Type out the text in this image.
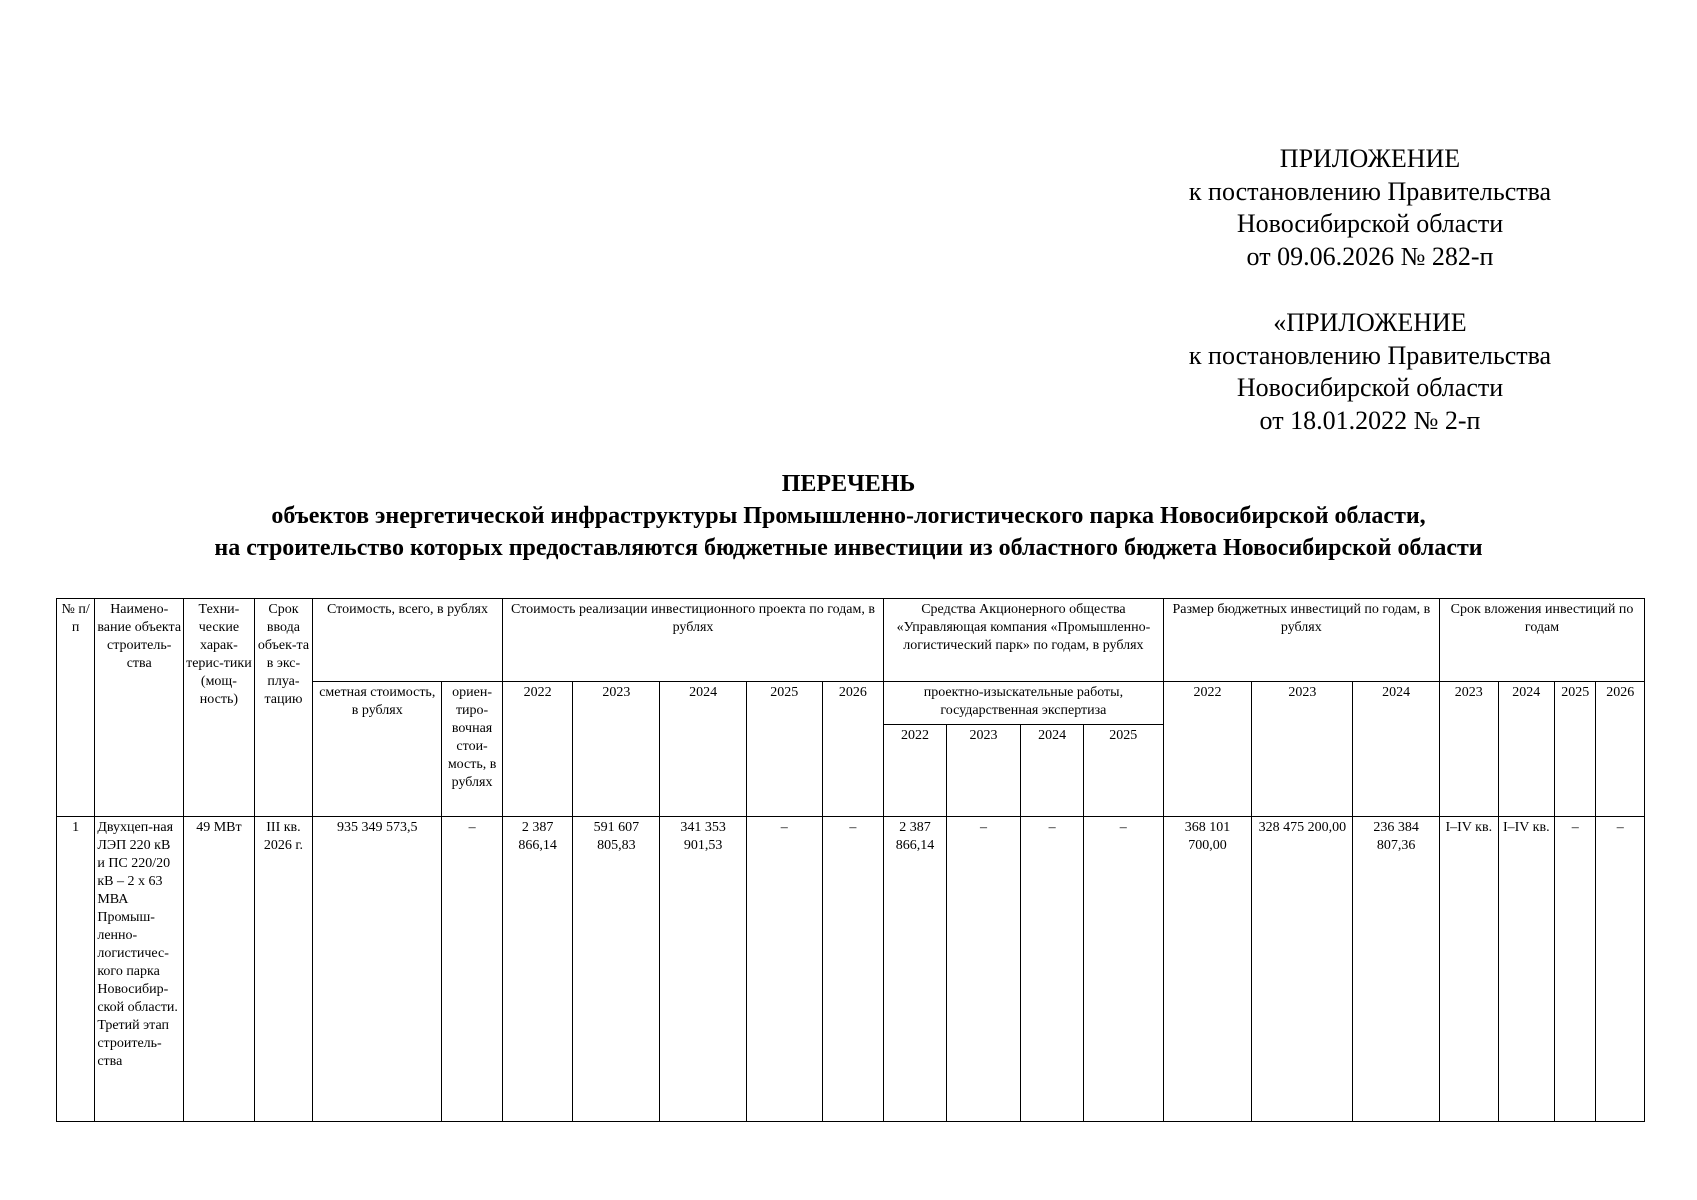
ПРИЛОЖЕНИЕ
к постановлению Правительства
Новосибирской области
от 09.06.2026 № 282-п
«ПРИЛОЖЕНИЕ
к постановлению Правительства
Новосибирской области
от 18.01.2022 № 2-п
ПЕРЕЧЕНЬ
объектов энергетической инфраструктуры Промышленно-логистического парка Новосибирской области,
на строительство которых предоставляются бюджетные инвестиции из областного бюджета Новосибирской области
№ п/п	Наимено-вание объекта строитель-ства	Техни-ческие харак-терис-тики (мощ-ность)	Срок ввода объек-та в экс-плуа-тацию	Стоимость, всего, в рублях		Стоимость реализации инвестиционного проекта по годам, в рублях					Средства Акционерного общества «Управляющая компания «Промышленно-логистический парк» по годам, в рублях				Размер бюджетных инвестиций по годам, в рублях			Срок вложения инвестиций по годам			
				сметная стоимость, в рублях	ориен-тиро-вочная стои-мость, в рублях	2022	2023	2024	2025	2026	проектно-изыскательные работы, государственная экспертиза				2022	2023	2024	2023	2024	2025	2026
											2022	2023	2024	2025							
1	Двухцеп-ная ЛЭП 220 кВ и ПС 220/20 кВ – 2 х 63 МВА Промыш-ленно-логистичес-кого парка Новосибир-ской области. Третий этап строитель-ства	49 МВт	III кв. 2026 г.	935 349 573,5	–	2 387 866,14	591 607 805,83	341 353 901,53	–	–	2 387 866,14	–	–	–	368 101 700,00	328 475 200,00	236 384 807,36	I–IV кв.	I–IV кв.	–	–
